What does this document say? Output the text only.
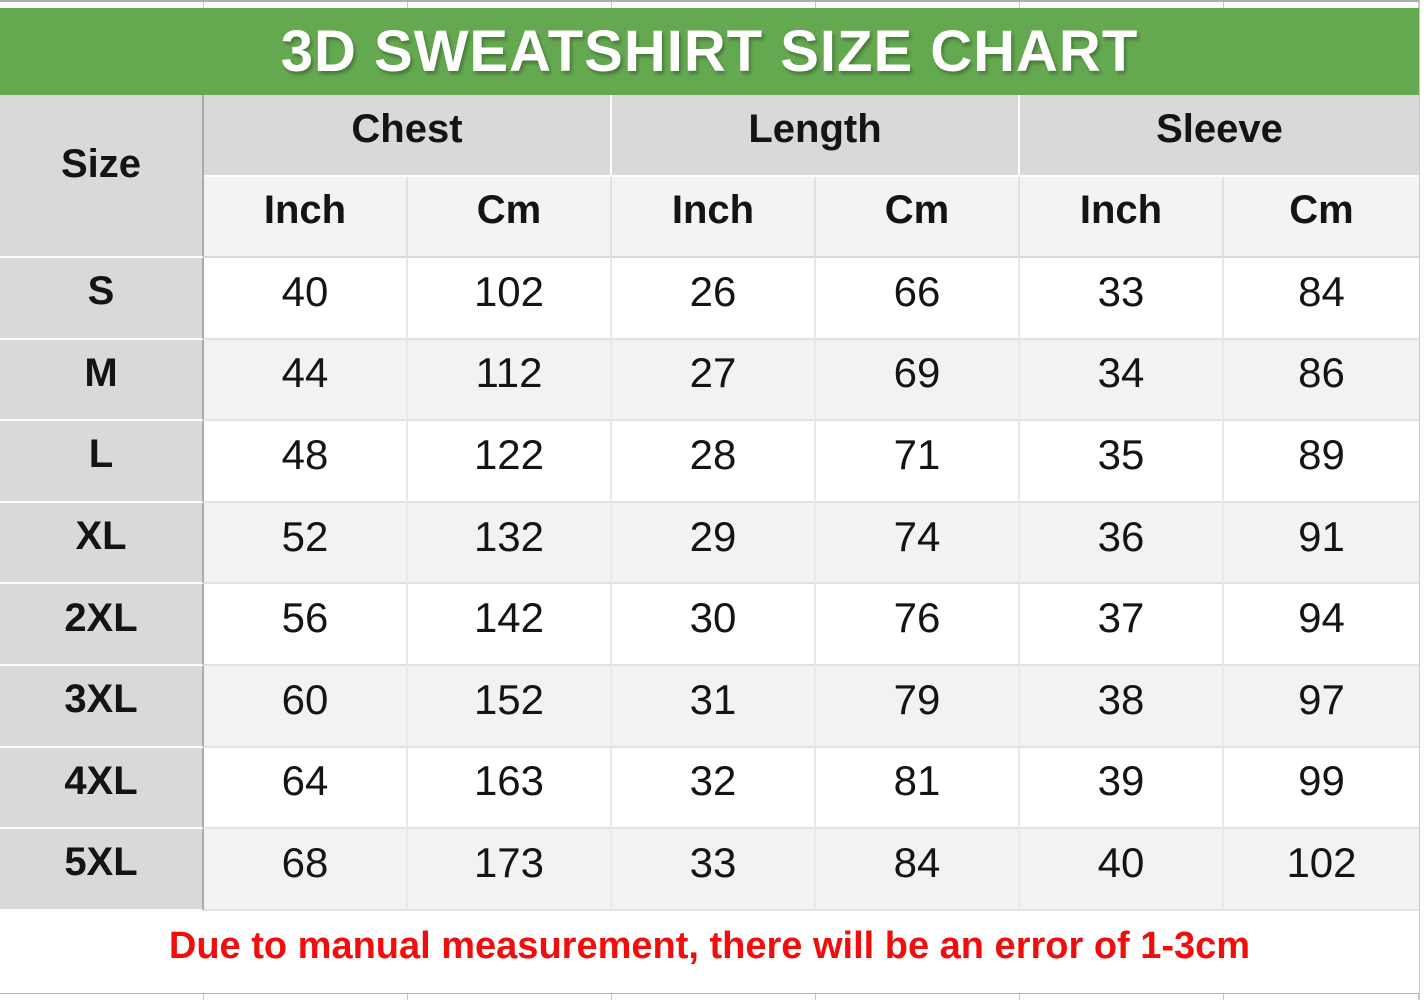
3D SWEATSHIRT SIZE CHART
Size
Chest	Length	Sleeve
Inch	Cm	Inch	Cm	Inch	Cm
S	40	102	26	66	33	84
M	44	112	27	69	34	86
L	48	122	28	71	35	89
XL	52	132	29	74	36	91
2XL	56	142	30	76	37	94
3XL	60	152	31	79	38	97
4XL	64	163	32	81	39	99
5XL	68	173	33	84	40	102
Due to manual measurement, there will be an error of 1-3cm
